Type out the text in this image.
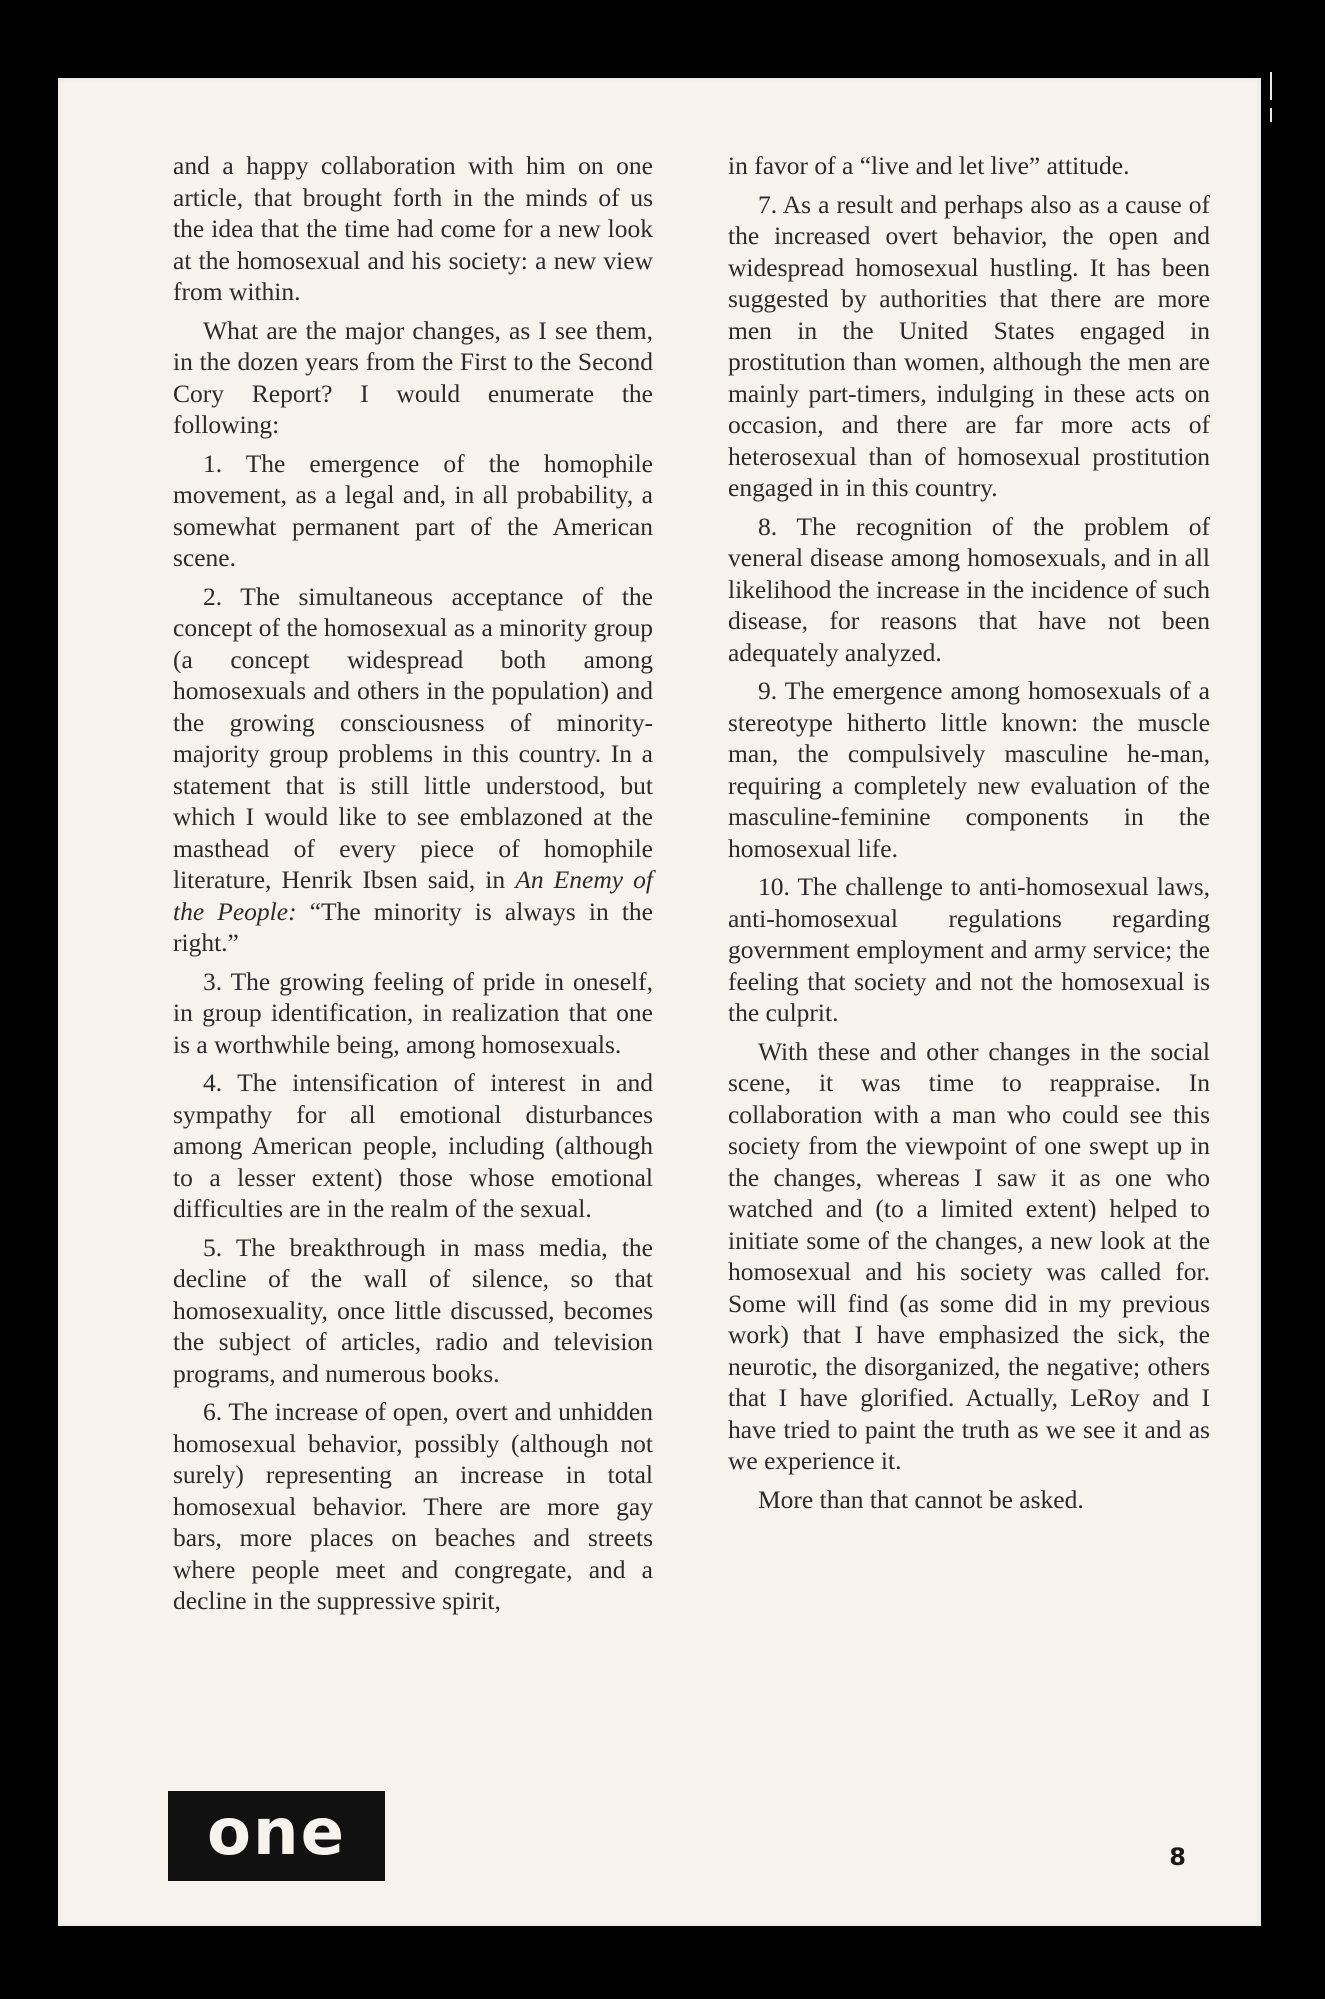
and a happy collaboration with him on one article, that brought forth in the minds of us the idea that the time had come for a new look at the homosexual and his society: a new view from within.

What are the major changes, as I see them, in the dozen years from the First to the Second Cory Report? I would enumerate the following:

1. The emergence of the homophile movement, as a legal and, in all probability, a somewhat permanent part of the American scene.

2. The simultaneous acceptance of the concept of the homosexual as a minority group (a concept widespread both among homosexuals and others in the population) and the growing consciousness of minority-majority group problems in this country. In a statement that is still little understood, but which I would like to see emblazoned at the masthead of every piece of homophile literature, Henrik Ibsen said, in An Enemy of the People: “The minority is always in the right.”

3. The growing feeling of pride in oneself, in group identification, in realization that one is a worthwhile being, among homosexuals.

4. The intensification of interest in and sympathy for all emotional disturbances among American people, including (although to a lesser extent) those whose emotional difficulties are in the realm of the sexual.

5. The breakthrough in mass media, the decline of the wall of silence, so that homosexuality, once little discussed, becomes the subject of articles, radio and television programs, and numerous books.

6. The increase of open, overt and unhidden homosexual behavior, possibly (although not surely) representing an increase in total homosexual behavior. There are more gay bars, more places on beaches and streets where people meet and congregate, and a decline in the suppressive spirit,

in favor of a “live and let live” attitude.

7. As a result and perhaps also as a cause of the increased overt behavior, the open and widespread homosexual hustling. It has been suggested by authorities that there are more men in the United States engaged in prostitution than women, although the men are mainly part-timers, indulging in these acts on occasion, and there are far more acts of heterosexual than of homosexual prostitution engaged in in this country.

8. The recognition of the problem of veneral disease among homosexuals, and in all likelihood the increase in the incidence of such disease, for reasons that have not been adequately analyzed.

9. The emergence among homosexuals of a stereotype hitherto little known: the muscle man, the compulsively masculine he-man, requiring a completely new evaluation of the masculine-feminine components in the homosexual life.

10. The challenge to anti-homosexual laws, anti-homosexual regulations regarding government employment and army service; the feeling that society and not the homosexual is the culprit.

With these and other changes in the social scene, it was time to reappraise. In collaboration with a man who could see this society from the viewpoint of one swept up in the changes, whereas I saw it as one who watched and (to a limited extent) helped to initiate some of the changes, a new look at the homosexual and his society was called for. Some will find (as some did in my previous work) that I have emphasized the sick, the neurotic, the disorganized, the negative; others that I have glorified. Actually, LeRoy and I have tried to paint the truth as we see it and as we experience it.

More than that cannot be asked.

one	8
